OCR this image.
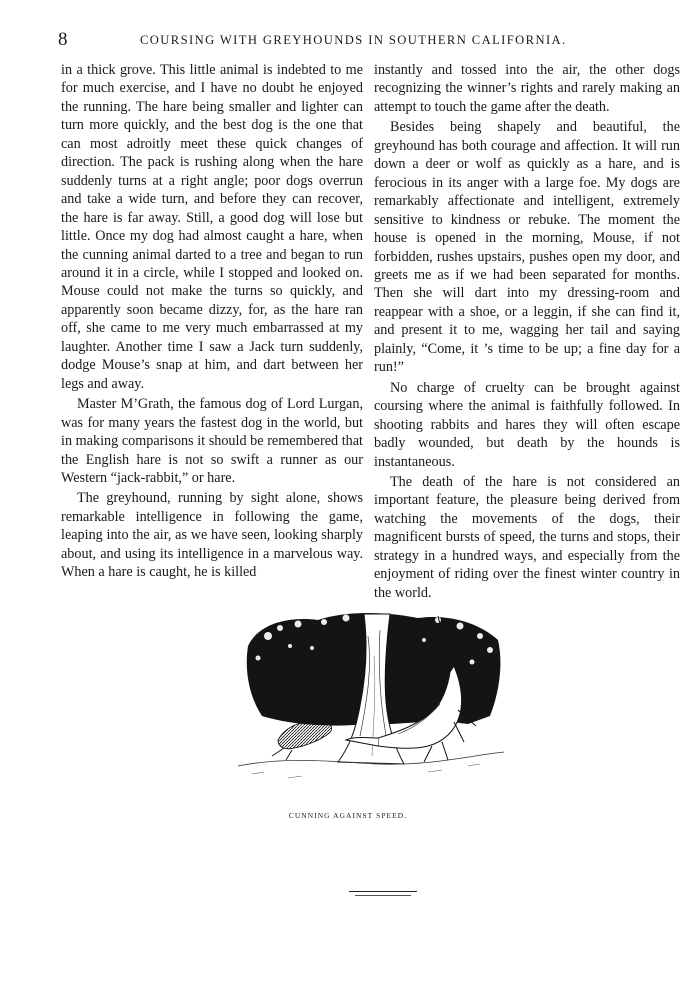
8	COURSING WITH GREYHOUNDS IN SOUTHERN CALIFORNIA.

in a thick grove. This little animal is indebted to me for much exercise, and I have no doubt he enjoyed the running. The hare being smaller and lighter can turn more quickly, and the best dog is the one that can most adroitly meet these quick changes of direction. The pack is rushing along when the hare suddenly turns at a right angle; poor dogs overrun and take a wide turn, and before they can recover, the hare is far away. Still, a good dog will lose but little. Once my dog had almost caught a hare, when the cunning animal darted to a tree and began to run around it in a circle, while I stopped and looked on. Mouse could not make the turns so quickly, and apparently soon became dizzy, for, as the hare ran off, she came to me very much embarrassed at my laughter. Another time I saw a Jack turn suddenly, dodge Mouse’s snap at him, and dart between her legs and away.

Master M’Grath, the famous dog of Lord Lurgan, was for many years the fastest dog in the world, but in making comparisons it should be remembered that the English hare is not so swift a runner as our Western “jack-rabbit,” or hare.

The greyhound, running by sight alone, shows remarkable intelligence in following the game, leaping into the air, as we have seen, looking sharply about, and using its intelligence in a marvelous way. When a hare is caught, he is killed

instantly and tossed into the air, the other dogs recognizing the winner’s rights and rarely making an attempt to touch the game after the death.

Besides being shapely and beautiful, the greyhound has both courage and affection. It will run down a deer or wolf as quickly as a hare, and is ferocious in its anger with a large foe. My dogs are remarkably affectionate and intelligent, extremely sensitive to kindness or rebuke. The moment the house is opened in the morning, Mouse, if not forbidden, rushes upstairs, pushes open my door, and greets me as if we had been separated for months. Then she will dart into my dressing-room and reappear with a shoe, or a leggin, if she can find it, and present it to me, wagging her tail and saying plainly, “Come, it ’s time to be up; a fine day for a run!”

No charge of cruelty can be brought against coursing where the animal is faithfully followed. In shooting rabbits and hares they will often escape badly wounded, but death by the hounds is instantaneous.

The death of the hare is not considered an important feature, the pleasure being derived from watching the movements of the dogs, their magnificent bursts of speed, the turns and stops, their strategy in a hundred ways, and especially from the enjoyment of riding over the finest winter country in the world.

CUNNING AGAINST SPEED.
